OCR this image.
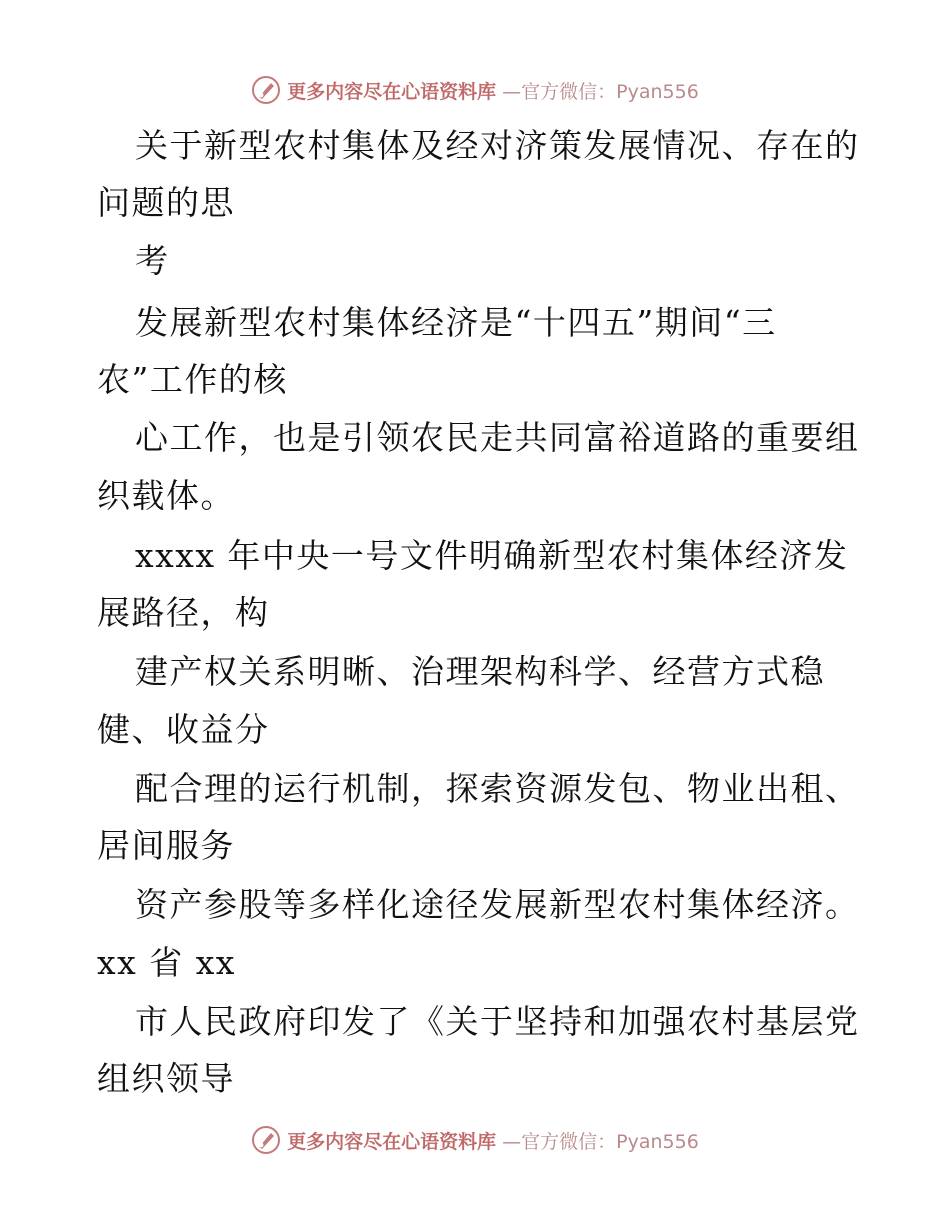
更多内容尽在心语资料库 —官方微信：Pyan556
关于新型农村集体及经对济策发展情况、存在的
问题的思
考
发展新型农村集体经济是“十四五”期间“三
农”工作的核
心工作，也是引领农民走共同富裕道路的重要组
织载体。
xxxx 年中央一号文件明确新型农村集体经济发
展路径，构
建产权关系明晰、治理架构科学、经营方式稳
健、收益分
配合理的运行机制，探索资源发包、物业出租、
居间服务
资产参股等多样化途径发展新型农村集体经济。
xx 省 xx
市人民政府印发了《关于坚持和加强农村基层党
组织领导
更多内容尽在心语资料库 —官方微信：Pyan556
